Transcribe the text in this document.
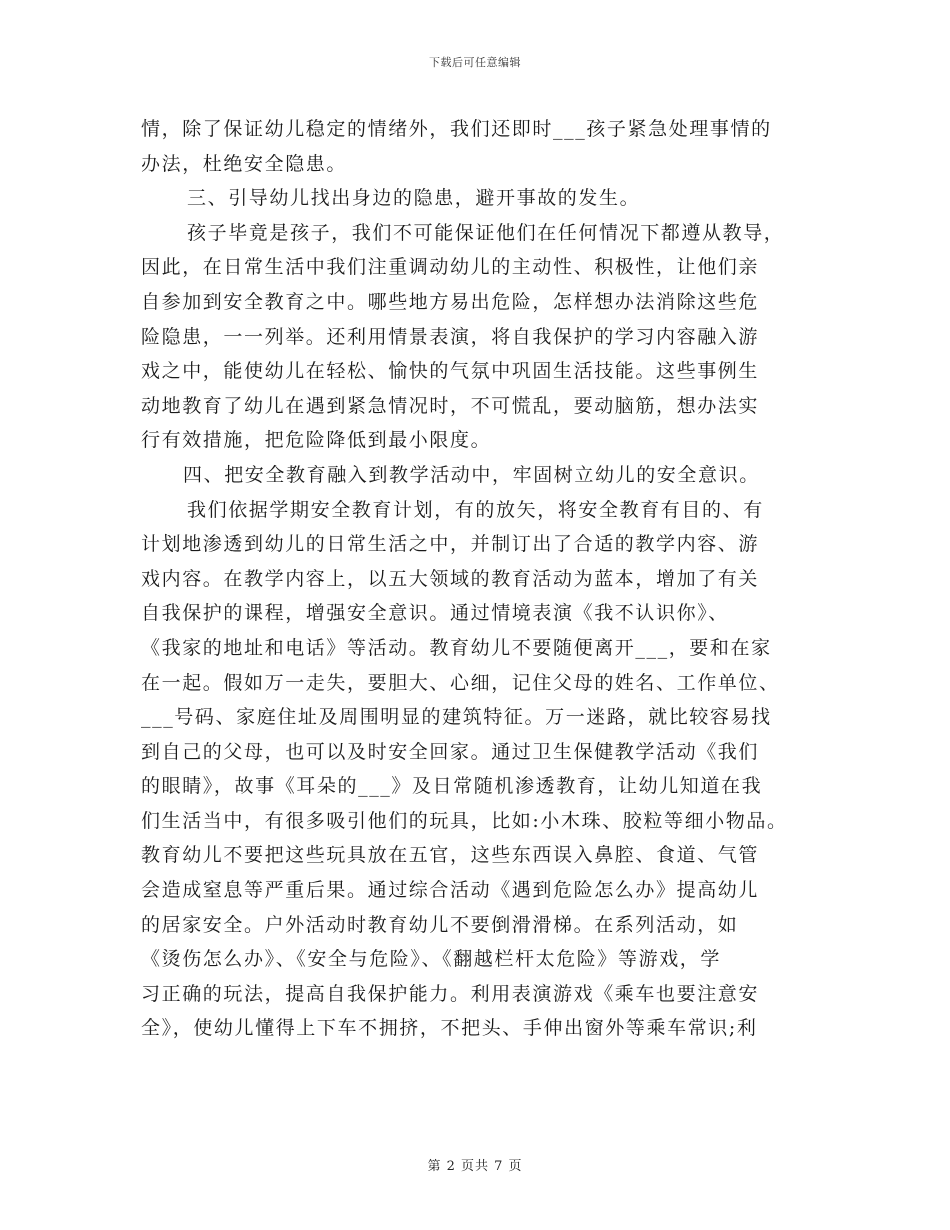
下载后可任意编辑
情，除了保证幼儿稳定的情绪外，我们还即时___孩子紧急处理事情的
办法，杜绝安全隐患。
三、引导幼儿找出身边的隐患，避开事故的发生。
孩子毕竟是孩子，我们不可能保证他们在任何情况下都遵从教导，
因此，在日常生活中我们注重调动幼儿的主动性、积极性，让他们亲
自参加到安全教育之中。哪些地方易出危险，怎样想办法消除这些危
险隐患，一一列举。还利用情景表演，将自我保护的学习内容融入游
戏之中，能使幼儿在轻松、愉快的气氛中巩固生活技能。这些事例生
动地教育了幼儿在遇到紧急情况时，不可慌乱，要动脑筋，想办法实
行有效措施，把危险降低到最小限度。
四、把安全教育融入到教学活动中，牢固树立幼儿的安全意识。
我们依据学期安全教育计划，有的放矢，将安全教育有目的、有
计划地渗透到幼儿的日常生活之中，并制订出了合适的教学内容、游
戏内容。在教学内容上，以五大领域的教育活动为蓝本，增加了有关
自我保护的课程，增强安全意识。通过情境表演《我不认识你》、
《我家的地址和电话》等活动。教育幼儿不要随便离开___，要和在家
在一起。假如万一走失，要胆大、心细，记住父母的姓名、工作单位、
___号码、家庭住址及周围明显的建筑特征。万一迷路，就比较容易找
到自己的父母，也可以及时安全回家。通过卫生保健教学活动《我们
的眼睛》，故事《耳朵的___》及日常随机渗透教育，让幼儿知道在我
们生活当中，有很多吸引他们的玩具，比如:小木珠、胶粒等细小物品。
教育幼儿不要把这些玩具放在五官，这些东西误入鼻腔、食道、气管
会造成窒息等严重后果。通过综合活动《遇到危险怎么办》提高幼儿
的居家安全。户外活动时教育幼儿不要倒滑滑梯。在系列活动，如
《烫伤怎么办》、《安全与危险》、《翻越栏杆太危险》等游戏，学
习正确的玩法，提高自我保护能力。利用表演游戏《乘车也要注意安
全》，使幼儿懂得上下车不拥挤，不把头、手伸出窗外等乘车常识;利
第 2 页共 7 页
